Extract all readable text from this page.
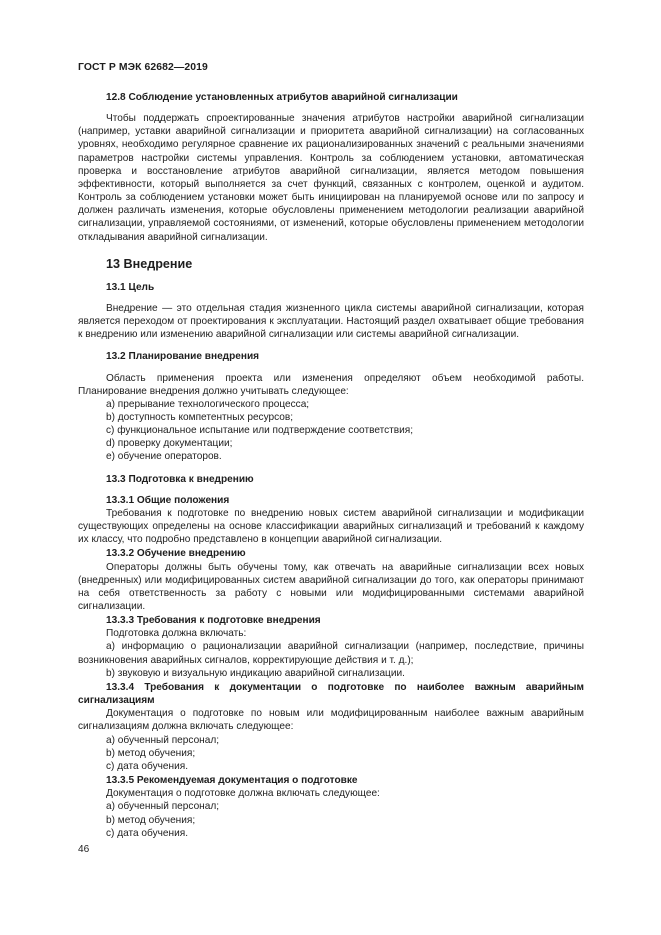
ГОСТ Р МЭК 62682—2019
12.8 Соблюдение установленных атрибутов аварийной сигнализации
Чтобы поддержать спроектированные значения атрибутов настройки аварийной сигнализации (например, уставки аварийной сигнализации и приоритета аварийной сигнализации) на согласованных уровнях, необходимо регулярное сравнение их рационализированных значений с реальными значениями параметров настройки системы управления. Контроль за соблюдением установки, автоматическая проверка и восстановление атрибутов аварийной сигнализации, является методом повышения эффективности, который выполняется за счет функций, связанных с контролем, оценкой и аудитом. Контроль за соблюдением установки может быть инициирован на планируемой основе или по запросу и должен различать изменения, которые обусловлены применением методологии реализации аварийной сигнализации, управляемой состояниями, от изменений, которые обусловлены применением методологии откладывания аварийной сигнализации.
13 Внедрение
13.1 Цель
Внедрение — это отдельная стадия жизненного цикла системы аварийной сигнализации, которая является переходом от проектирования к эксплуатации. Настоящий раздел охватывает общие требования к внедрению или изменению аварийной сигнализации или системы аварийной сигнализации.
13.2 Планирование внедрения
Область применения проекта или изменения определяют объем необходимой работы. Планирование внедрения должно учитывать следующее:
a) прерывание технологического процесса;
b) доступность компетентных ресурсов;
c) функциональное испытание или подтверждение соответствия;
d) проверку документации;
e) обучение операторов.
13.3 Подготовка к внедрению
13.3.1 Общие положения
Требования к подготовке по внедрению новых систем аварийной сигнализации и модификации существующих определены на основе классификации аварийных сигнализаций и требований к каждому их классу, что подробно представлено в концепции аварийной сигнализации.
13.3.2 Обучение внедрению
Операторы должны быть обучены тому, как отвечать на аварийные сигнализации всех новых (внедренных) или модифицированных систем аварийной сигнализации до того, как операторы принимают на себя ответственность за работу с новыми или модифицированными системами аварийной сигнализации.
13.3.3 Требования к подготовке внедрения
Подготовка должна включать:
a) информацию о рационализации аварийной сигнализации (например, последствие, причины возникновения аварийных сигналов, корректирующие действия и т. д.);
b) звуковую и визуальную индикацию аварийной сигнализации.
13.3.4 Требования к документации о подготовке по наиболее важным аварийным сигнализациям
Документация о подготовке по новым или модифицированным наиболее важным аварийным сигнализациям должна включать следующее:
a) обученный персонал;
b) метод обучения;
c) дата обучения.
13.3.5 Рекомендуемая документация о подготовке
Документация о подготовке должна включать следующее:
a) обученный персонал;
b) метод обучения;
c) дата обучения.
46
